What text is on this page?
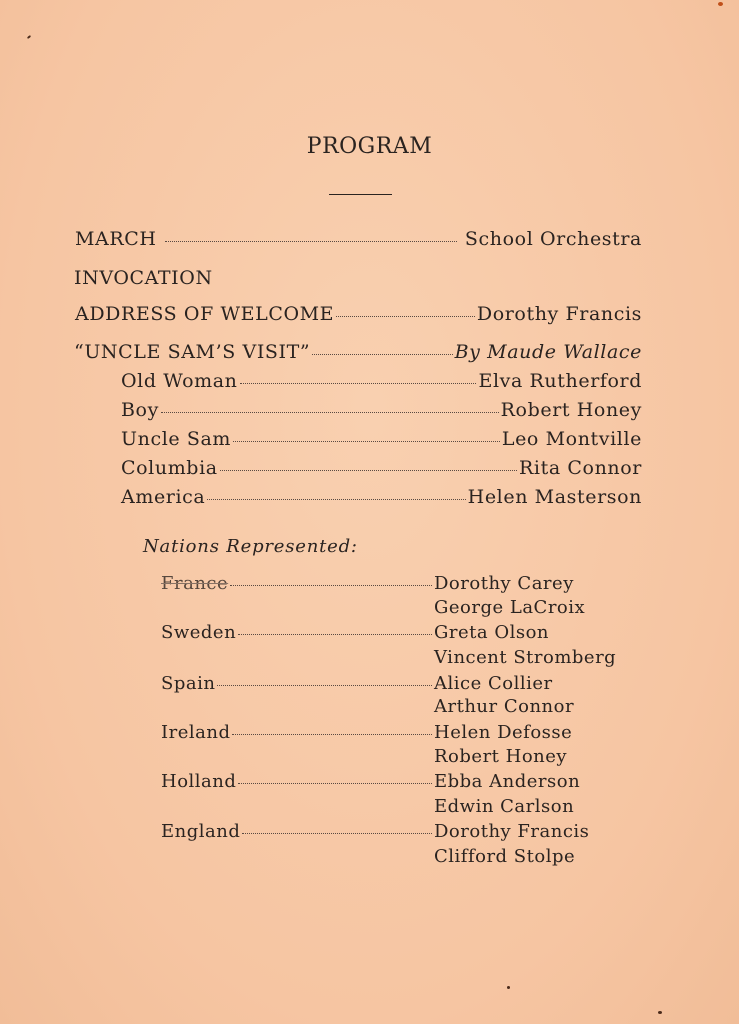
PROGRAM
MARCH	School Orchestra
INVOCATION
ADDRESS OF WELCOME	Dorothy Francis
“UNCLE SAM’S VISIT”	By Maude Wallace
Old Woman	Elva Rutherford
Boy	Robert Honey
Uncle Sam	Leo Montville
Columbia	Rita Connor
America	Helen Masterson
Nations Represented:
France	Dorothy Carey
George LaCroix
Sweden	Greta Olson
Vincent Stromberg
Spain	Alice Collier
Arthur Connor
Ireland	Helen Defosse
Robert Honey
Holland	Ebba Anderson
Edwin Carlson
England	Dorothy Francis
Clifford Stolpe
